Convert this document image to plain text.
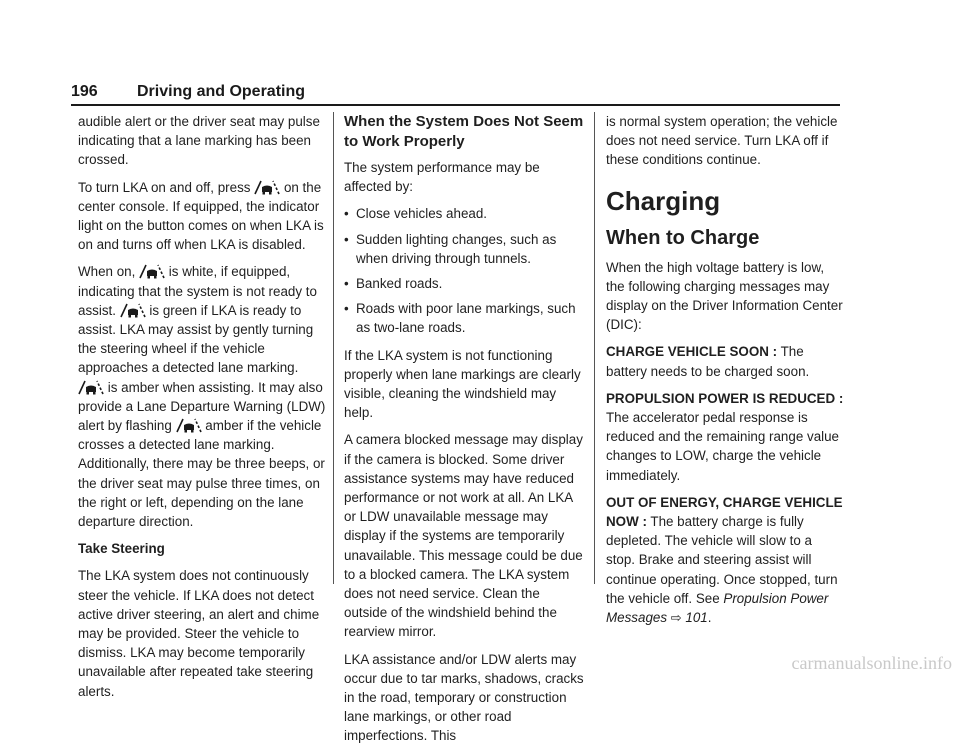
196 Driving and Operating

audible alert or the driver seat may pulse indicating that a lane marking has been crossed.

To turn LKA on and off, press on the center console. If equipped, the indicator light on the button comes on when LKA is on and turns off when LKA is disabled.

When on, is white, if equipped, indicating that the system is not ready to assist. is green if LKA is ready to assist. LKA may assist by gently turning the steering wheel if the vehicle approaches a detected lane marking.
is amber when assisting. It may also provide a Lane Departure Warning (LDW) alert by flashing amber if the vehicle crosses a detected lane marking. Additionally, there may be three beeps, or the driver seat may pulse three times, on the right or left, depending on the lane departure direction.

Take Steering

The LKA system does not continuously steer the vehicle. If LKA does not detect active driver steering, an alert and chime may be provided. Steer the vehicle to dismiss. LKA may become temporarily unavailable after repeated take steering alerts.

When the System Does Not Seem to Work Properly

The system performance may be affected by:

• Close vehicles ahead.
• Sudden lighting changes, such as when driving through tunnels.
• Banked roads.
• Roads with poor lane markings, such as two-lane roads.

If the LKA system is not functioning properly when lane markings are clearly visible, cleaning the windshield may help.

A camera blocked message may display if the camera is blocked. Some driver assistance systems may have reduced performance or not work at all. An LKA or LDW unavailable message may display if the systems are temporarily unavailable. This message could be due to a blocked camera. The LKA system does not need service. Clean the outside of the windshield behind the rearview mirror.

LKA assistance and/or LDW alerts may occur due to tar marks, shadows, cracks in the road, temporary or construction lane markings, or other road imperfections. This

is normal system operation; the vehicle does not need service. Turn LKA off if these conditions continue.

Charging
When to Charge

When the high voltage battery is low, the following charging messages may display on the Driver Information Center (DIC):

CHARGE VEHICLE SOON : The battery needs to be charged soon.

PROPULSION POWER IS REDUCED : The accelerator pedal response is reduced and the remaining range value changes to LOW, charge the vehicle immediately.

OUT OF ENERGY, CHARGE VEHICLE NOW : The battery charge is fully depleted. The vehicle will slow to a stop. Brake and steering assist will continue operating. Once stopped, turn the vehicle off. See Propulsion Power Messages ⇨ 101.

carmanualsonline.info
